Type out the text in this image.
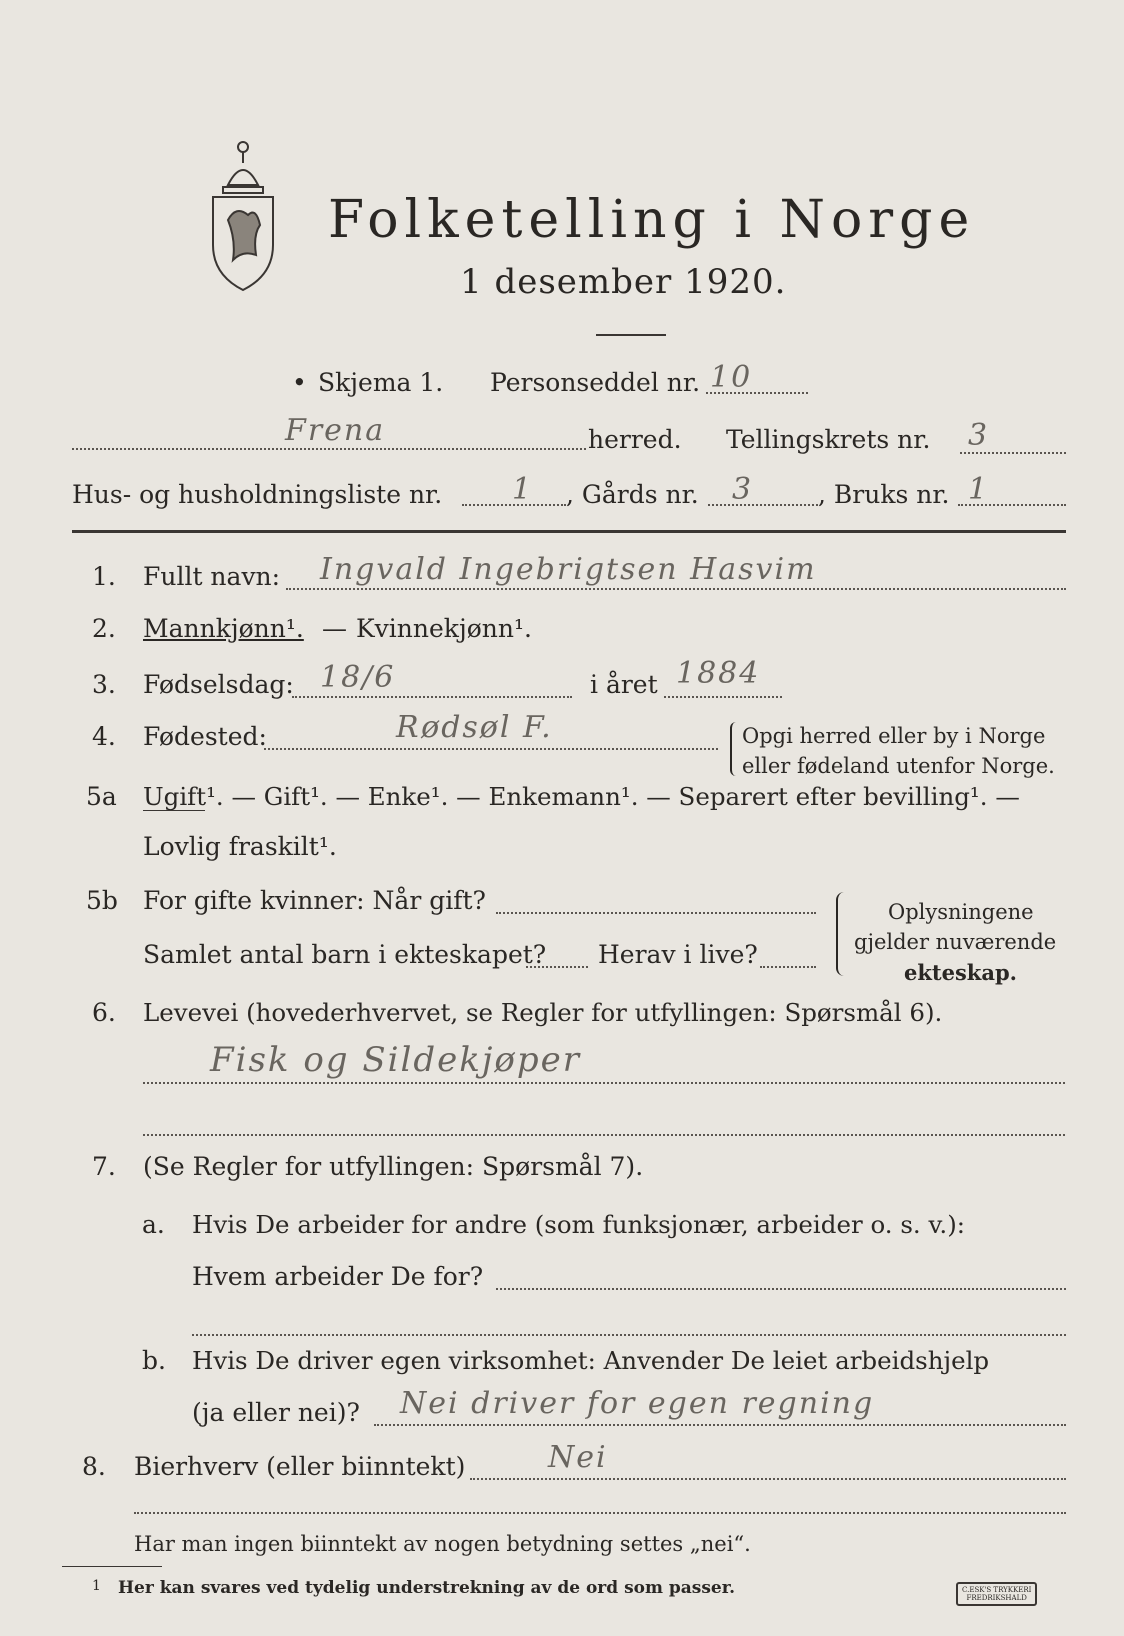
Folketelling i Norge
1 desember 1920.
• Skjema 1. Personseddel nr. 10
Frena	herred. Tellingskrets nr. 3
Hus- og husholdningsliste nr. 1 , Gårds nr. 3	, Bruks nr. 1
1. Fullt navn: Ingvald Ingebrigtsen Hasvim
2. Mannkjønn¹. — Kvinnekjønn¹.
3. Fødselsdag: 18/6	i året 1884
4. Fødested:	Rødsøl F.	Opgi herred eller by i Norge
eller fødeland utenfor Norge.
5a Ugift¹. — Gift¹. — Enke¹. — Enkemann¹. — Separert efter bevilling¹. —
Lovlig fraskilt¹.
5b For gifte kvinner: Når gift?
Samlet antal barn i ekteskapet? Herav i live?
Oplysningene
gjelder nuværende
ekteskap.
6. Levevei (hovederhvervet, se Regler for utfyllingen: Spørsmål 6).
Fisk og Sildekjøper
7. (Se Regler for utfyllingen: Spørsmål 7).
a. Hvis De arbeider for andre (som funksjonær, arbeider o. s. v.):
Hvem arbeider De for?
b. Hvis De driver egen virksomhet: Anvender De leiet arbeidshjelp
(ja eller nei)? Nei driver for egen regning
8. Bierhverv (eller biinntekt)	Nei
Har man ingen biinntekt av nogen betydning settes „nei“.
1 Her kan svares ved tydelig understrekning av de ord som passer.	C.ESK'S TRYKKERI
FREDRIKSHALD
